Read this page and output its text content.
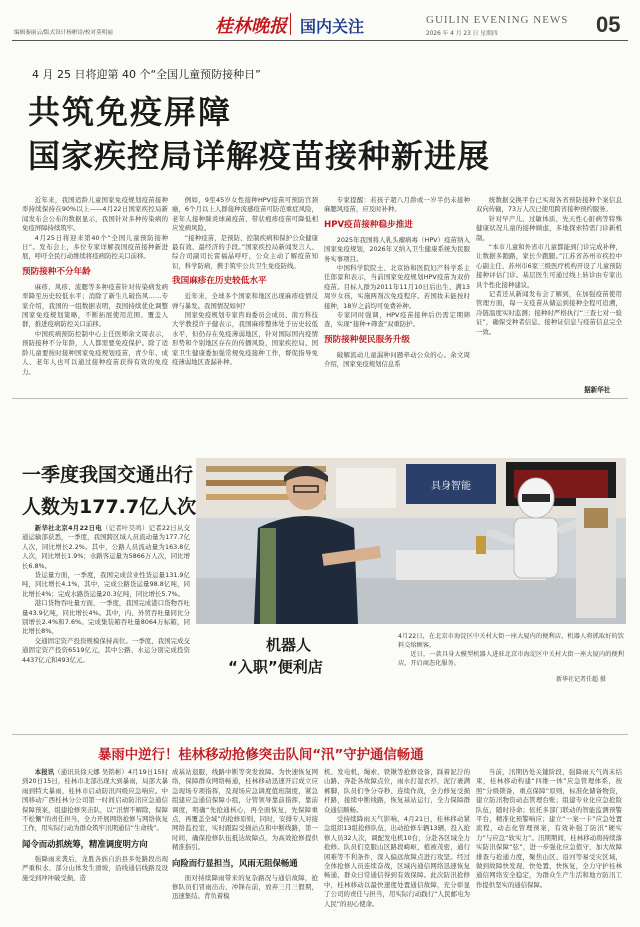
编辑秦丽云/版式设计杨彬诗/校对莫明丽	桂林晚报 国内关注	GUILIN EVENING NEWS
2026 年 4 月 23 日 星期四	05
4 月 25 日将迎第 40 个“全国儿童预防接种日”
共筑免疫屏障
国家疾控局详解疫苗接种新进展

近年来，我国适龄儿童国家免疫规划疫苗接种率持续保持在90%以上——4月22日国家疾控局新闻发布会公布的数据显示，我国针对多种传染病的免疫屏障持续筑牢。

4月25日将迎来第40个“全国儿童预防接种日”。发布会上，多位专家详解我国疫苗接种新进展，呼吁全民行动维续将疫病防控关口前移。

预防接种不分年龄

麻疹、风疹、流腮等多种疫苗针对传染病发病率降至历史较低水平；消除了新生儿破伤风……专家介绍，我国的一组数据表明，我国持续优化调整国家免疫规划策略，不断拓展使用范围、覆盖人群，推进疫病防控关口前移。

中国疾病预防控制中心主任医师余文周表示，预防接种不分年龄，人人都需要免疫保护。除了适龄儿童要按时接种国家免疫规划疫苗，青少年、成人、老年人也可以通过接种疫苗获得有效的免疫力。

例如，9至45岁女性接种HPV疫苗可预防宫颈癌，6个月以上人群接种流感疫苗可防范重症风险，老年人接种肺炎球菌疫苗、带状疱疹疫苗可降低相应发病风险。

“接种疫苗，是预防、控制疾病和保护公众健康最有效、最经济的手段。”国家疾控局新闻发言人、综合司副司长雷福晶呼吁，公众主动了解疫苗知识，科学防病，携手筑牢公共卫生免疫防线。

我国麻疹在历史较低水平

近年来，全球多个国家和地区出现麻疹疫情反弹与暴发。我国情况如何？

国家免疫规划专家咨询委员会成员、南方科技大学教授许子健表示，我国麻疹整体处于历史较低水平，但仍存在免疫薄弱地区，针对国际国内疫情形势和个别地区存在的传播风险，国家疾控局、国家卫生健康委加强常规免疫接种工作，督促指导免疫薄弱地区查漏补种。

专家提醒：若孩子超八月龄或一岁半仍未接种麻腮风疫苗，应及时补种。

HPV疫苗接种稳步推进

2025年我国将人乳头瘤病毒（HPV）疫苗纳入国家免疫规划，2026年又纳入卫生健康系统为民服务实事项目。

中国科学院院士、北京协和医院妇产科学系主任郎景和表示，当前国家免疫规划HPV疫苗为双价疫苗。目标人群为2011年11月10日后出生、满13周岁女孩，实施两剂次免疫程序。若国妆未能按时接种，18岁之前均可免费补种。

专家同时强调，HPV疫苗接种后仍需定期筛查，实现“接种+筛查”双重防护。

预防接种便民服务升级

破解流动儿童漏种问题牵动公众的心。余文周介绍，国家免疫规划信息系

统数据交换平台已实现各省预防接种个案信息双向传输，73万人次已使用跨省接种预约服务。

针对早产儿、过敏体质、先天性心脏病等特殊健康状况儿童的接种顾虑，多地探索特需门诊新机制。

“本市儿童和外省市儿童都能到门诊完成补种，让数据多跑路，家长少跑腿。”江苏省苏州市疾控中心副主任、苏州市6家三级医疗机构开设了儿童预防接种评估门诊。基层医生可通过线上转诊由专家出具个性化接种建议。

记者还从新闻发布会了解到，在加强疫苗使用管理方面，每一支疫苗从储运到接种全程可追溯，冷链温度实时监测；接种时严格执行“三查七对一验证”，确保受种者信息、接种证信息与疫苗信息完全一致。

据新华社
一季度我国交通出行
人数为177.7亿人次

新华社北京4月22日电（记者叶昊鸣）记者22日从交通运输部获悉，一季度，我国跨区域人员流动量为177.7亿人次，同比增长2.2%。其中，公路人员流动量为163.8亿人次，同比增长1.9%；水路客运量为5866万人次，同比增长6.8%。

货运量方面，一季度，我国完成营业性货运量131.9亿吨，同比增长4.1%，其中，完成公路货运量98.8亿吨，同比增长4%；完成水路货运量20.3亿吨，同比增长5.7%。

港口货物吞吐量方面，一季度，我国完成港口货物吞吐量43.9亿吨，同比增长4%。其中，内、外贸吞吐量同比分别增长2.4%和7.6%。完成集装箱吞吐量8064万标箱，同比增长8%。

交通固定资产投资规模保持高位。一季度，我国完成交通固定资产投资6519亿元，其中公路、水运分别完成投资4437亿元和493亿元。

具身智能
机器人
“入职”便利店

4月22日，在北京市海淀区中关村大街一座大厦内的便利店，机器人将抓取好的饮料交给顾客。

近日，一款具身大模型机器人进驻北京市海淀区中关村大街一座大厦内的便利店，开启商态化服务。

新华社记者任超 摄
暴雨中逆行！桂林移动抢修突击队间“汛”守护通信畅通

本报讯（通讯员徐天娜 吴铭彬）4月19日15时到20日15日，桂林市北部出现大到暴雨，局部大暴雨到特大暴雨，桂林市启动防汛四级应急响应。中国移动广西桂林分公司第一时间启动防汛应急通信保障预案，组建抢修突击队，以“汛情不解除，保障不松懈”的责任担当，全力开展网络抢修与网络恢复工作，用实际行动为群众筑牢汛期通信“生命线”。

闻令而动抓统筹，精准调度明方向

强降雨来袭后，龙胜各族自治县多处路段出现严重积水、部分山体发生滑坡，沿线通信线路及设施受到冲冲破受损，造

成基站退服，线路中断等突发故障。为快速恢复网络，保障群众网络畅通，桂林移动迅速开启成立应急现场专项指挥，及现场应急调度值班制度，紧急组建应急通信保障小组，分管领导靠前指挥，靠前调度，明确“先抢通核心，再全面恢复，先保障重点，再覆盖全域”的抢修原则，同时，安排专人对接网络监控室，实时跟踪受损站点和中断线路，第一时间，确保抢修队伍抵达故障点，为高效抢修提供精准指引。

向险而行显担当，风雨无阻保畅通

面对持续降雨带来的复杂路况与通信故障，抢修队员们冒雨出击，冲锋在前，放弃三月三假期，迅速集结。背负着模

机、发电机、绳索、铁锹等抢修设备，踩着泥泞的山路、奔赴各故障点位，雨水打湿衣衫，泥泞裹满裤脚，队员们争分夺秒、连续作战，全力修复受损杆路，接续中断线路，恢复基站运行，全力保障群众通信顺畅。

受持续降雨天气影响，4月21日，桂林移动紧急组织13组抢修队伍，出动抢修车辆13辆，投入抢修人员32人次，调配发电机10台，分赴各区域全力抢修。队员们克服山区路段崎岖，植被茂密，通行困难等不利条件，深入偏远故障点进行攻坚。经过全体抢修人员连续奋战，区域内通信网络迅速恢复畅通，群众日常通信得到有效保障。此次防汛抢修中，桂林移动以最快速度处置通信故障，充分彰显了公司的责任与担当，用实际行动践行“人民邮电为人民”的初心使命。

当前，汛期仍处关键阶段，强降雨天气尚未结束，桂林移动构建“四维一体”应急管理体系，按照“分级锁备，重点保障”原则，标准化储备物资，建立防汛物资动态管理台账；组建专业化应急抢险队伍，随时待命；依托多部门联动的智能监测预警平台，精准化预警响应；建立“一案一卡”应急处置流程，动态化管理预案，有效补强了防汛“硬实力”与应急“软实力”。汛期期间，桂林移动将持续落实防汛保障“弦”，进一步强化应急值守，加大故障排查与抢通力度，聚焦山区、沿河等易受灾区域，做到故障快发现、快处置、快恢复，全力守护桂林通信网络安全稳定，为群众生产生活和地方防汛工作提供坚实的通信保障。
